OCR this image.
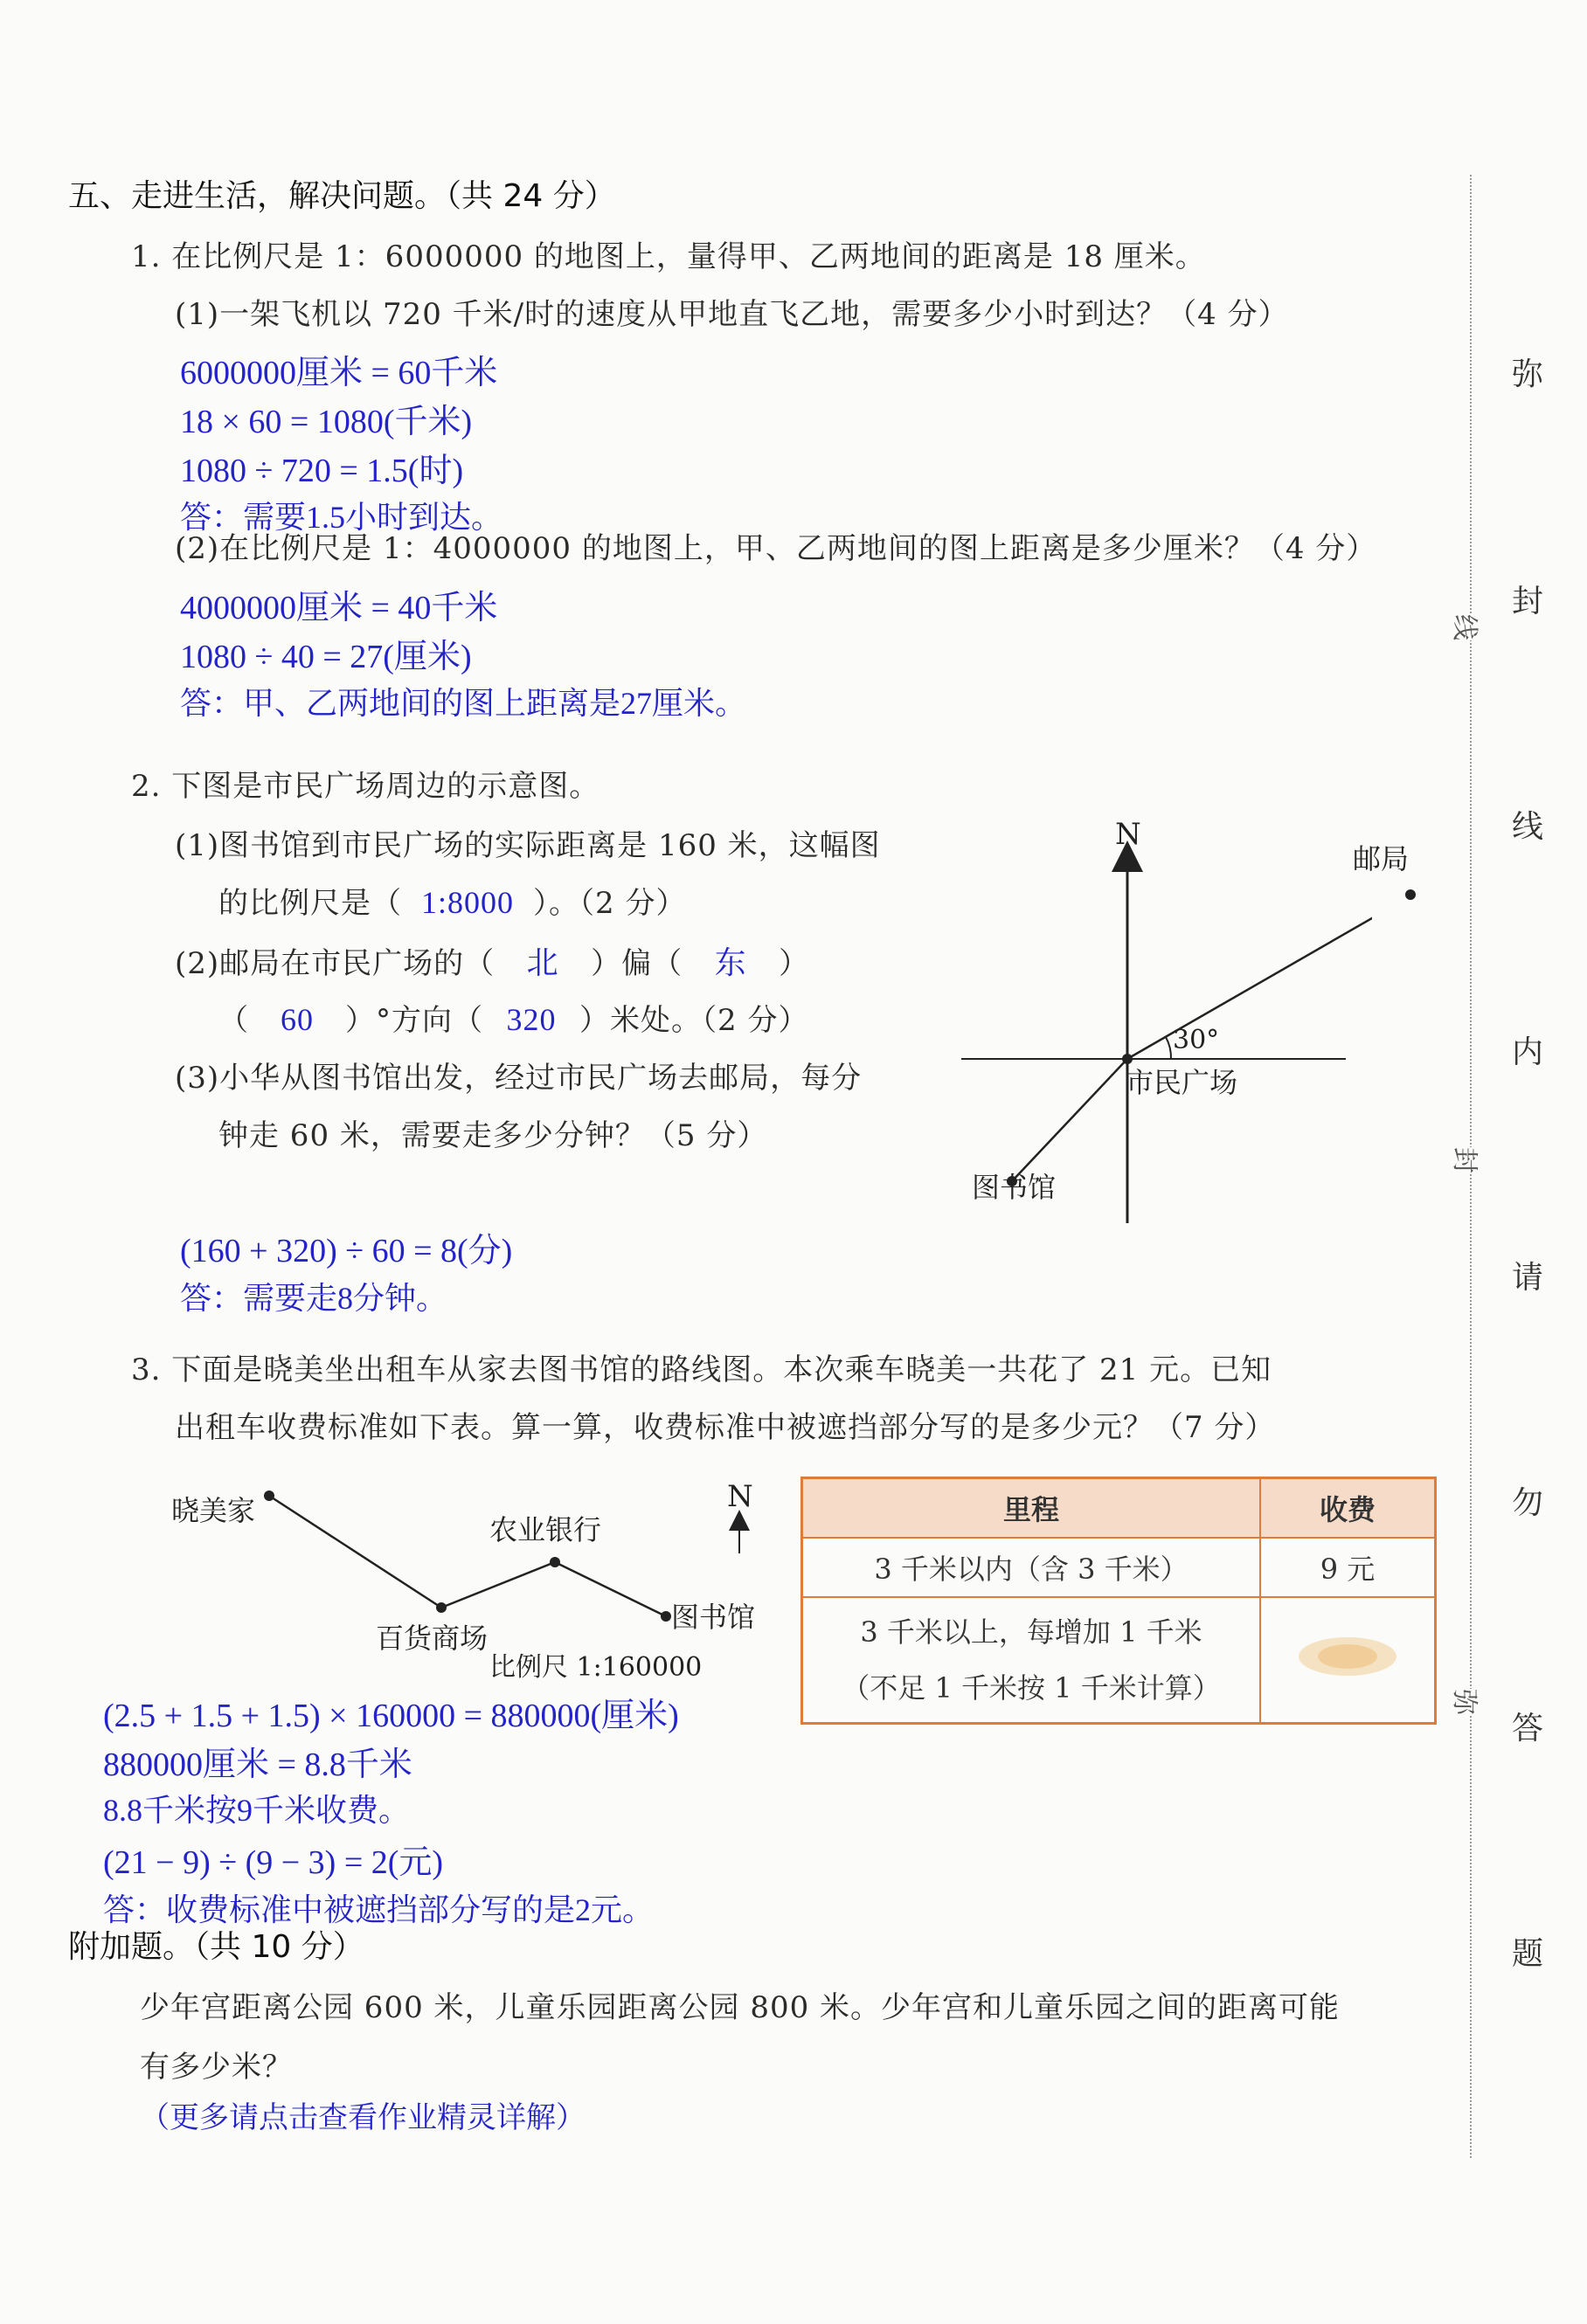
五、走进生活，解决问题。（共 24 分）
1. 在比例尺是 1：6000000 的地图上，量得甲、乙两地间的距离是 18 厘米。
(1)一架飞机以 720 千米/时的速度从甲地直飞乙地，需要多少小时到达？（4 分）
6000000厘米 = 60千米
18 × 60 = 1080(千米)
1080 ÷ 720 = 1.5(时)
答：需要1.5小时到达。
(2)在比例尺是 1：4000000 的地图上，甲、乙两地间的图上距离是多少厘米？（4 分）
4000000厘米 = 40千米
1080 ÷ 40 = 27(厘米)
答：甲、乙两地间的图上距离是27厘米。
2. 下图是市民广场周边的示意图。
(1)图书馆到市民广场的实际距离是 160 米，这幅图
的比例尺是（ 1:8000 ）。（2 分）
(2)邮局在市民广场的（ 北 ）偏（ 东 ）
（ 60 ）°方向（ 320 ）米处。（2 分）
(3)小华从图书馆出发，经过市民广场去邮局，每分
钟走 60 米，需要走多少分钟？（5 分）
N
30°
市民广场
图书馆
邮局
(160 + 320) ÷ 60 = 8(分)
答：需要走8分钟。
3. 下面是晓美坐出租车从家去图书馆的路线图。本次乘车晓美一共花了 21 元。已知
出租车收费标准如下表。算一算，收费标准中被遮挡部分写的是多少元？（7 分）
N
晓美家
农业银行
百货商场
图书馆
比例尺 1:160000
里程	收费
3 千米以内（含 3 千米）	9 元

3 千米以上，每增加 1 千米
（不足 1 千米按 1 千米计算）

(2.5 + 1.5 + 1.5) × 160000 = 880000(厘米)
880000厘米 = 8.8千米
8.8千米按9千米收费。
(21 − 9) ÷ (9 − 3) = 2(元)
答：收费标准中被遮挡部分写的是2元。
附加题。（共 10 分）
少年宫距离公园 600 米，儿童乐园距离公园 800 米。少年宫和儿童乐园之间的距离可能
有多少米？
（更多请点击查看作业精灵详解）
线
封
弥
弥
封
线
内
请
勿
答
题
